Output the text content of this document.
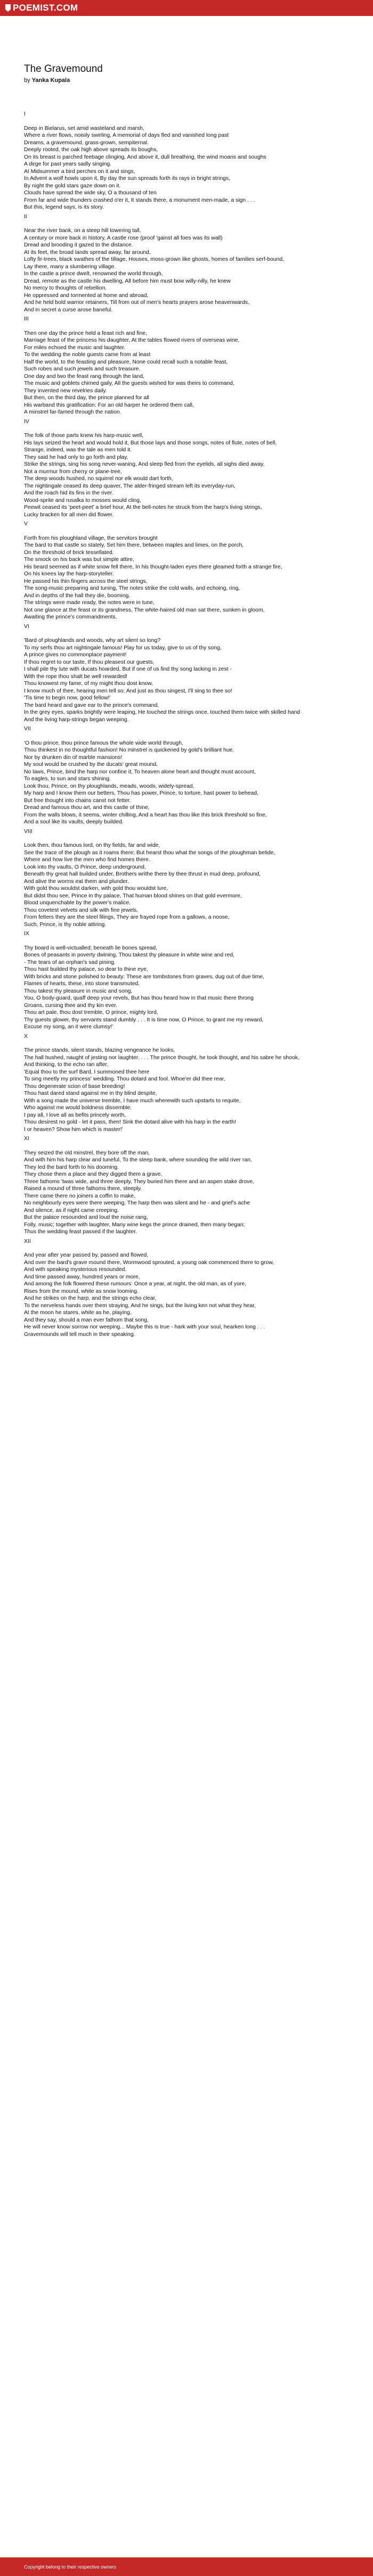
POEMIST.COM
The Gravemound

by Yanka Kupala

I
Deep in Bielarus, set amid wasteland and marsh,
Where a river flows, noisily swirling, A memorial of days fled and vanished long past
Dreams, a gravemound, grass-grown, sempiternal.
Deeply rooted, the oak high above spreads its boughs,
On its breast is parched feebage clinging, And above it, dull breathing, the wind moans and soughs
A dirge for past years sadly singing.
At Midsummer a bird perches on it and sings,
In Advent a wolf howls upon it, By day the sun spreads forth its rays in bright strings,
By night the gold stars gaze down on it.
Clouds have spread the wide sky, O a thousand of ten
From far and wide thunders crashed o'er it, It stands there, a monument men-made, a sign . . .
But this, legend says, is its story.
II
Near the river bank, on a steep hill towering tall,
A century or more back in history, A castle rose (proof 'gainst all foes was its wall)
Dread and brooding it gazed to the distance.
At its feet, the broad lands spread away, far around,
Lofty fir-trees, black swathes of the tillage, Houses, moss-grown like ghosts, homes of families serf-bound,
Lay there, many a slumbering village.
In the castle a prince dwelt, renowned the world through,
Dread, remote as the castle his dwelling, All before him must bow willy-nilly, he knew
No mercy to thoughts of rebellion.
He oppressed and tormented at home and abroad,
And he held bold warrior retainers, Till from out of men's hearts prayers arose heavenwards,
And in secret a curse arose baneful.
III
Then one day the prince held a feast rich and fine,
Marriage feast of the princess his daughter, At the tables flowed rivers of overseas wine,
For miles echoed the music and laughter.
To the wedding the noble guests came from at least
Half the world, to the feasting and pleasure, None could recall such a notable feast,
Such robes and such jewels and such treasure.
One day and two the feast rang through the land,
The music and goblets chimed gaily, All the guests wished for was theirs to command,
They invented new revelries daily.
But then, on the third day, the prince planned for all
His warband this gratification: For an old harper he ordered them call,
A minstrel far-famed through the nation.
IV
The folk of those parts knew his harp-music well,
His lays seized the heart and would hold it, But those lays and those songs, notes of flute, notes of bell,
Strange, indeed, was the tale as men told it.
They said he had only to go forth and play,
Strike the strings, sing his song never-waning, And sleep fled from the eyelids, all sighs died away,
Not a murmur from cherry or plane-tree,
The deep woods hushed, no squirrel nor elk would dart forth,
The nightingale ceased its deep quaver, The alder-fringed stream left its everyday-run,
And the roach hid its fins in the river.
Wood-sprite and rusalka to mosses would cling,
Peewit ceased its 'peet-peet' a brief hour, At the bell-notes he struck from the harp's living strings,
Lucky bracken for all men did flower.
V
Forth from his ploughland village, the servitors brought
The bard to that castle so stately, Set him there, between maples and limes, on the porch,
On the threshold of brick tessellated.
The smock on his back was but simple attire,
His beard seemed as if white snow fell there, In his thought-laden eyes there gleamed forth a strange fire,
On his knees lay the harp-storyteller.
He passed his thin fingers across the steel strings,
The song-music preparing and tuning, The notes strike the cold walls, and echoing, ring,
And in depths of the hall they die, booming.
The strings were made ready, the notes were in tune,
Not one glance at the feast or its grandness, The white-haired old man sat there, sunken in gloom,
Awaiting the prince's commandments.
VI
'Bard of ploughlands and woods, why art silent so long?
To my serfs thou art nightingale famous! Play for us today, give to us of thy song,
A prince gives no commonplace payment!
If thou regret to our taste, If thou pleasest our guests,
I shall pile thy lute with ducats hoarded, But if one of us find thy song lacking in zest -
With the rope thou shalt be well rewarded!
Thou knowest my fame, of my might thou dost know,
I know much of thee, hearing men tell so; And just as thou singest, I'll sing to thee so!
'Tis time to begin now, good fellow!'
The bard heard and gave ear to the prince's command,
In the grey eyes, sparks brightly were leaping, He touched the strings once, touched them twice with skilled hand
And the living harp-strings began weeping.
VII
'O thou prince, thou prince famous the whole wide world through,
Thou thinkest in no thoughtful fashion! No minstrel is quickened by gold's brilliant hue,
Nor by drunken din of marble mansions!
My soul would be crushed by the ducats' great mound,
No laws, Prince, bind the harp nor confine it, To heaven alone heart and thought must account,
To eagles, to sun and stars shining.
Look thou, Prince, on thy ploughlands, meads, woods, widely-spread,
My harp and I know them our betters, Thou has power, Prince, to torture, hast power to behead,
But free thought into chains canst not fetter.
Dread and famous thou art, and this castle of thine,
From the walls blows, it seems, winter chilling, And a heart has thou like this brick threshold so fine,
And a soul like its vaults, deeply builded.
VIII
Look then, thou famous lord, on thy fields, far and wide,
See the trace of the plough as it roams there; But hearst thou what the songs of the ploughman betide,
Where and how live the men who find homes there.
Look into thy vaults, O Prince, deep underground,
Beneath thy great hall builded under, Brothers writhe there by thee thrust in mud deep, profound,
And alive the worms eat them and plunder.
With gold thou wouldst darken, with gold thou wouldst lure,
But didst thou see, Prince in thy palace, That human blood shines on that gold evermore,
Blood unquenchable by the power's malice.
Thou covetest velvets and silk with fine jewels,
From fetters they are the steel filings, They are frayed rope from a gallows, a noose,
Such, Prince, is thy noble attiring.
IX
Thy board is well-victualled; beneath lie bones spread,
Bones of peasants in poverty dwining, Thou takest thy pleasure in white wine and red,
- The tears of an orphan's sad pining.
Thou hast builded thy palace, so dear to thine eye,
With bricks and stone polished to beauty: These are tombstones from graves, dug out of due time,
Flames of hearts, these, into stone transmuted.
Thou takest thy pleasure in music and song,
You, O body-guard, quaff deep your revels, But has thou heard how in that music there throng
Groans, cursing thee and thy kin ever.
Thou art pale, thou dost tremble, O prince, mighty lord,
Thy guests glower, thy servants stand dumbly . . . It is time now, O Prince, to grant me my reward,
Excuse my song, an it were clumsy!'
X
The prince stands, silent stands, blazing vengeance he looks,
The hall hushed, naught of jesting nor laughter. . . . The prince thought, he took thought, and his sabre he shook,
And thinking, to the echo ran after.
'Equal thou to the surf Bard, I summoned thee here
To sing meetly my princess' wedding. Thou dotard and fool. Whoe'er did thee rear,
Thou degenerate scion of base breeding!
Thou hast dared stand against me in thy blind despite,
With a song made the universe tremble, I have much wherewith such upstarts to requite,
Who against me would boldness dissemble.
I pay all, I love all as befits princely worth,
Thou desirest no gold - let it pass, then! Sink the dotard alive with his harp in the earth!
I or heaven? Show him which is master!'
XI
They seized the old minstrel, they bore off the man,
And with him his harp clear and tuneful, To the steep bank, where sounding the wild river ran,
They led the bard forth to his dooming.
They chose them a place and they digged them a grave,
Three fathoms 'twas wide, and three deeply, They buried him there and an aspen stake drove,
Raised a mound of three fathoms there, steeply.
There came there no joiners a coffin to make,
No neighbourly eyes were there weeping, The harp then was silent and he - and grief's ache
And silence, as if night came creeping.
But the palace resounded and loud the noise rang,
Folly, music; together with laughter, Many wine kegs the prince drained, then many began;
Thus the wedding feast passed if the laughter.
XII
And year after year passed by, passed and flowed,
And over the bard's grave mound there, Wormwood sprouted, a young oak commenced there to grow,
And with speaking mysterious resounded.
And time passed away, hundred years or more,
And among the folk flowered these rumours: Once a year, at night, the old man, as of yore,
Rises from the mound, white as snow looming.
And he strikes on the harp, and the strings echo clear,
To the nerveless hands over them straying, And he sings, but the living ken not what they hear,
At the moon he stares, white as he, playing,
And they say, should a man ever fathom that song,
He will never know sorrow nor weeping... Maybe this is true - hark with your soul, hearken long . . .
Gravemounds will tell much in their speaking.
Copyright belong to their respective owners
